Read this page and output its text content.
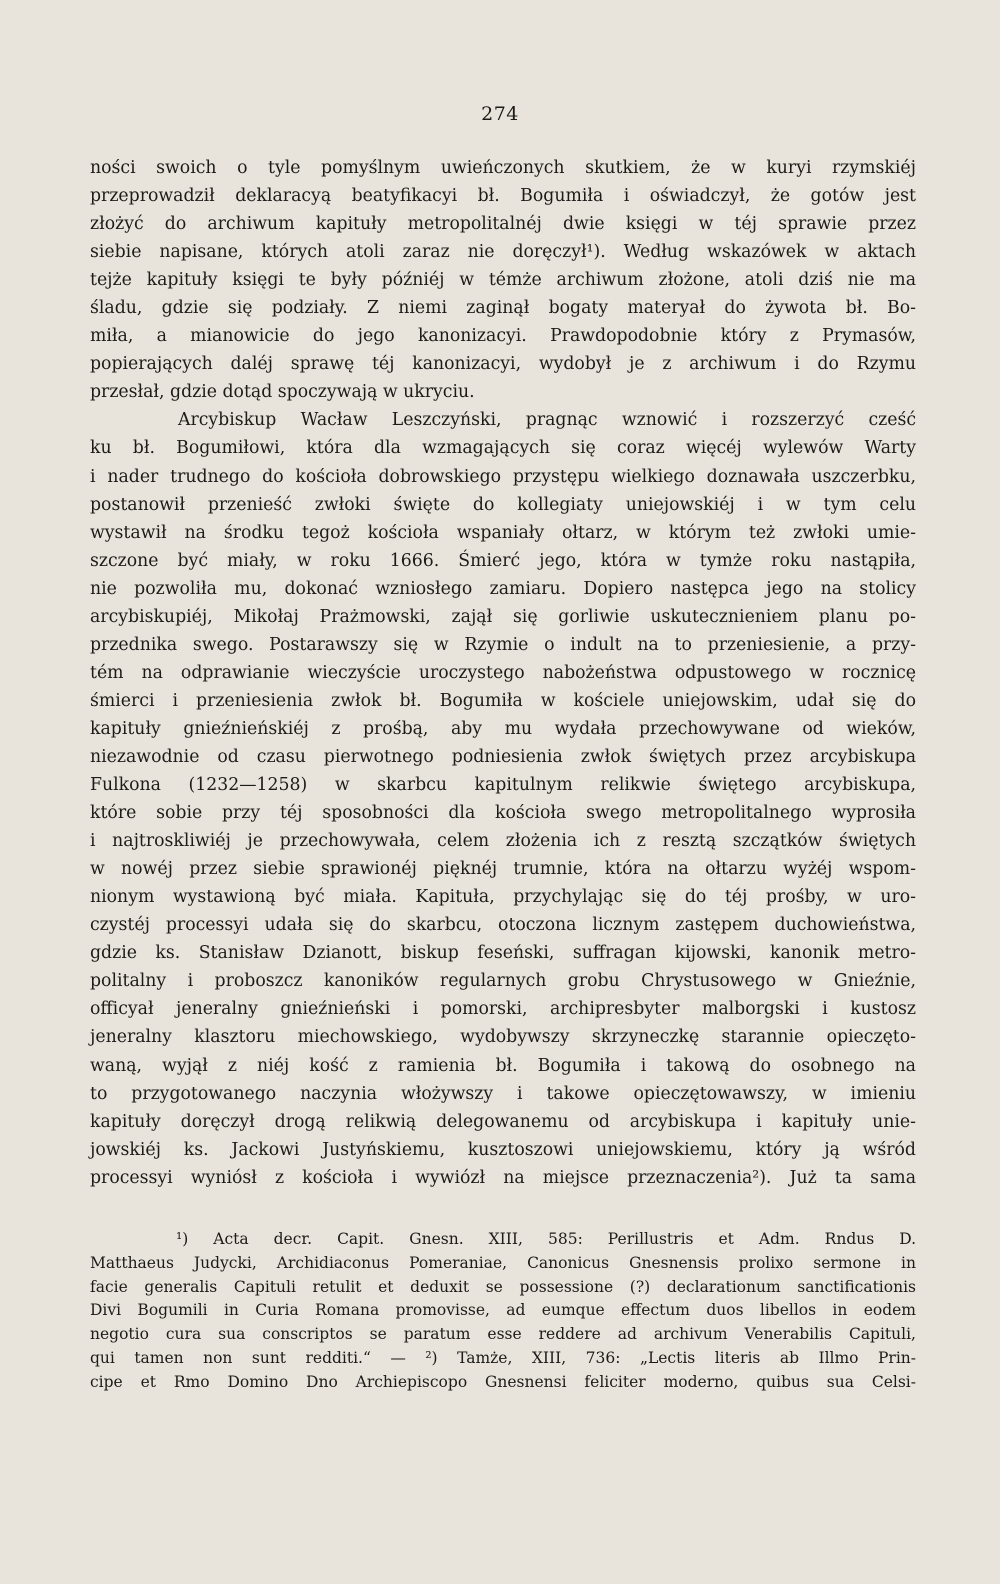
274
ności swoich o tyle pomyślnym uwieńczonych skutkiem, że w kuryi rzymskiéj
przeprowadził deklaracyą beatyfikacyi bł. Bogumiła i oświadczył, że gotów jest
złożyć do archiwum kapituły metropolitalnéj dwie księgi w téj sprawie przez
siebie napisane, których atoli zaraz nie doręczył¹). Według wskazówek w aktach
tejże kapituły księgi te były późniéj w témże archiwum złożone, atoli dziś nie ma
śladu, gdzie się podziały. Z niemi zaginął bogaty materyał do żywota bł. Bo-
miła, a mianowicie do jego kanonizacyi. Prawdopodobnie który z Prymasów,
popierających daléj sprawę téj kanonizacyi, wydobył je z archiwum i do Rzymu
przesłał, gdzie dotąd spoczywają w ukryciu.
Arcybiskup Wacław Leszczyński, pragnąc wznowić i rozszerzyć cześć
ku bł. Bogumiłowi, która dla wzmagających się coraz więcéj wylewów Warty
i nader trudnego do kościoła dobrowskiego przystępu wielkiego doznawała uszczerbku,
postanowił przenieść zwłoki święte do kollegiaty uniejowskiéj i w tym celu
wystawił na środku tegoż kościoła wspaniały ołtarz, w którym też zwłoki umie-
szczone być miały, w roku 1666. Śmierć jego, która w tymże roku nastąpiła,
nie pozwoliła mu, dokonać wzniosłego zamiaru. Dopiero następca jego na stolicy
arcybiskupiéj, Mikołaj Prażmowski, zajął się gorliwie uskutecznieniem planu po-
przednika swego. Postarawszy się w Rzymie o indult na to przeniesienie, a przy-
tém na odprawianie wieczyście uroczystego nabożeństwa odpustowego w rocznicę
śmierci i przeniesienia zwłok bł. Bogumiła w kościele uniejowskim, udał się do
kapituły gnieźnieńskiéj z prośbą, aby mu wydała przechowywane od wieków,
niezawodnie od czasu pierwotnego podniesienia zwłok świętych przez arcybiskupa
Fulkona (1232—1258) w skarbcu kapitulnym relikwie świętego arcybiskupa,
które sobie przy téj sposobności dla kościoła swego metropolitalnego wyprosiła
i najtroskliwiéj je przechowywała, celem złożenia ich z resztą szczątków świętych
w nowéj przez siebie sprawionéj pięknéj trumnie, która na ołtarzu wyżéj wspom-
nionym wystawioną być miała. Kapituła, przychylając się do téj prośby, w uro-
czystéj processyi udała się do skarbcu, otoczona licznym zastępem duchowieństwa,
gdzie ks. Stanisław Dzianott, biskup feseński, suffragan kijowski, kanonik metro-
politalny i proboszcz kanoników regularnych grobu Chrystusowego w Gnieźnie,
officyał jeneralny gnieźnieński i pomorski, archipresbyter malborgski i kustosz
jeneralny klasztoru miechowskiego, wydobywszy skrzyneczkę starannie opieczęto-
waną, wyjął z niéj kość z ramienia bł. Bogumiła i takową do osobnego na
to przygotowanego naczynia włożywszy i takowe opieczętowawszy, w imieniu
kapituły doręczył drogą relikwią delegowanemu od arcybiskupa i kapituły unie-
jowskiéj ks. Jackowi Justyńskiemu, kusztoszowi uniejowskiemu, który ją wśród
processyi wyniósł z kościoła i wywiózł na miejsce przeznaczenia²). Już ta sama
¹) Acta decr. Capit. Gnesn. XIII, 585: Perillustris et Adm. Rndus D.
Matthaeus Judycki, Archidiaconus Pomeraniae, Canonicus Gnesnensis prolixo sermone in
facie generalis Capituli retulit et deduxit se possessione (?) declarationum sanctificationis
Divi Bogumili in Curia Romana promovisse, ad eumque effectum duos libellos in eodem
negotio cura sua conscriptos se paratum esse reddere ad archivum Venerabilis Capituli,
qui tamen non sunt redditi.“ — ²) Tamże, XIII, 736: „Lectis literis ab Illmo Prin-
cipe et Rmo Domino Dno Archiepiscopo Gnesnensi feliciter moderno, quibus sua Celsi-
